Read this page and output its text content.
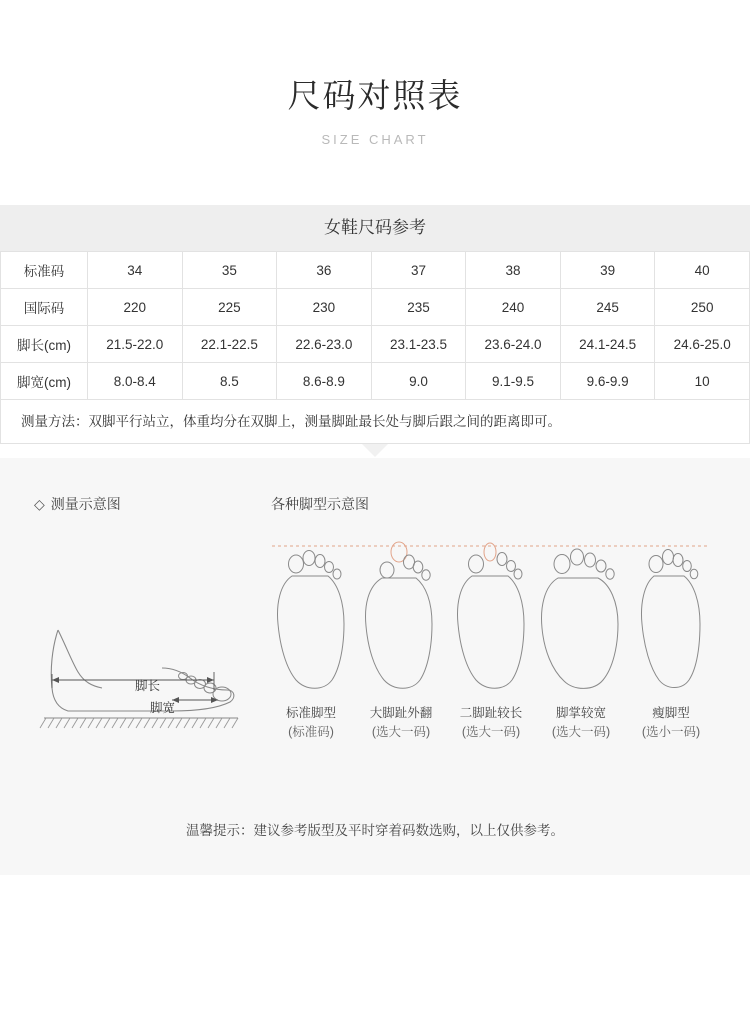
尺码对照表
SIZE CHART
女鞋尺码参考
标准码	34	35	36	37	38	39	40
国际码	220	225	230	235	240	245	250
脚长(cm)	21.5-22.0	22.1-22.5	22.6-23.0	23.1-23.5	23.6-24.0	24.1-24.5	24.6-25.0
脚宽(cm)	8.0-8.4	8.5	8.6-8.9	9.0	9.1-9.5	9.6-9.9	10
测量方法：双脚平行站立，体重均分在双脚上，测量脚趾最长处与脚后跟之间的距离即可。
◇ 测量示意图	各种脚型示意图
脚长
脚宽	标准脚型
(标准码)
大脚趾外翻
(选大一码)
二脚趾较长
(选大一码)
脚掌较宽
(选大一码)
瘦脚型
(选小一码)
温馨提示：建议参考版型及平时穿着码数选购，以上仅供参考。
